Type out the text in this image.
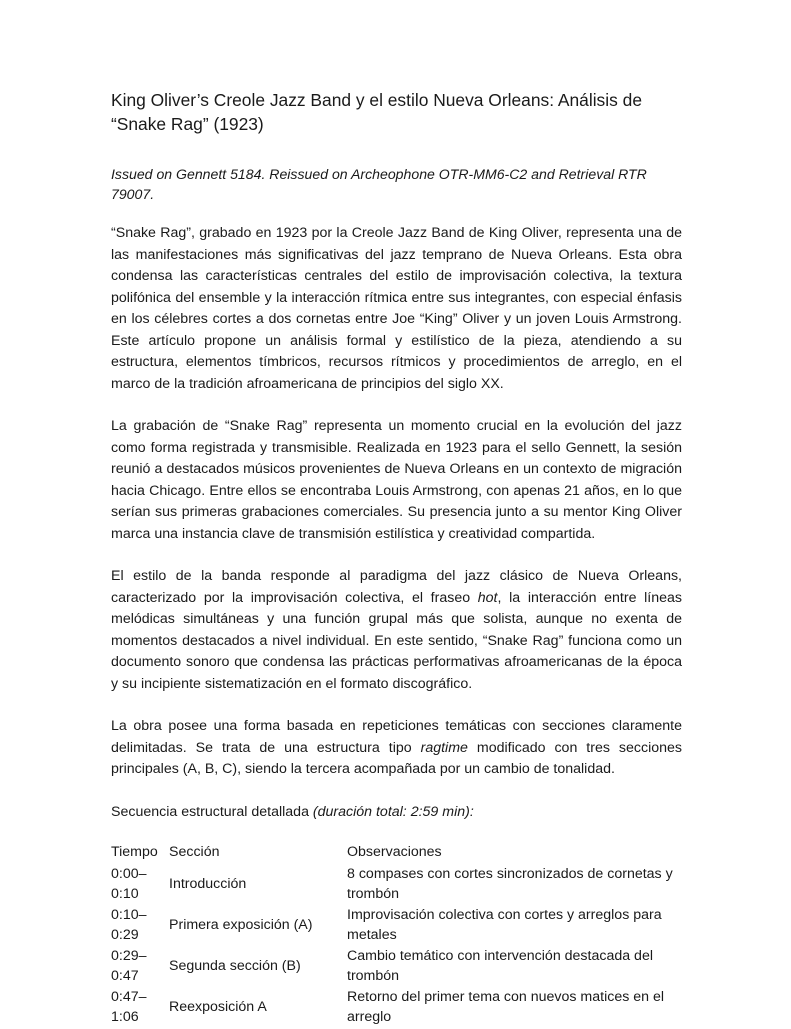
King Oliver’s Creole Jazz Band y el estilo Nueva Orleans: Análisis de “Snake Rag” (1923)

Issued on Gennett 5184. Reissued on Archeophone OTR-MM6-C2 and Retrieval RTR 79007.

“Snake Rag”, grabado en 1923 por la Creole Jazz Band de King Oliver, representa una de las manifestaciones más significativas del jazz temprano de Nueva Orleans. Esta obra condensa las características centrales del estilo de improvisación colectiva, la textura polifónica del ensemble y la interacción rítmica entre sus integrantes, con especial énfasis en los célebres cortes a dos cornetas entre Joe “King” Oliver y un joven Louis Armstrong. Este artículo propone un análisis formal y estilístico de la pieza, atendiendo a su estructura, elementos tímbricos, recursos rítmicos y procedimientos de arreglo, en el marco de la tradición afroamericana de principios del siglo XX.

La grabación de “Snake Rag” representa un momento crucial en la evolución del jazz como forma registrada y transmisible. Realizada en 1923 para el sello Gennett, la sesión reunió a destacados músicos provenientes de Nueva Orleans en un contexto de migración hacia Chicago. Entre ellos se encontraba Louis Armstrong, con apenas 21 años, en lo que serían sus primeras grabaciones comerciales. Su presencia junto a su mentor King Oliver marca una instancia clave de transmisión estilística y creatividad compartida.

El estilo de la banda responde al paradigma del jazz clásico de Nueva Orleans, caracterizado por la improvisación colectiva, el fraseo hot, la interacción entre líneas melódicas simultáneas y una función grupal más que solista, aunque no exenta de momentos destacados a nivel individual. En este sentido, “Snake Rag” funciona como un documento sonoro que condensa las prácticas performativas afroamericanas de la época y su incipiente sistematización en el formato discográfico.

La obra posee una forma basada en repeticiones temáticas con secciones claramente delimitadas. Se trata de una estructura tipo ragtime modificado con tres secciones principales (A, B, C), siendo la tercera acompañada por un cambio de tonalidad.

Secuencia estructural detallada (duración total: 2:59 min):

Tiempo	Sección	Observaciones
0:00–
0:10	Introducción	8 compases con cortes sincronizados de cornetas y
trombón
0:10–
0:29	Primera exposición (A)	Improvisación colectiva con cortes y arreglos para
metales
0:29–
0:47	Segunda sección (B)	Cambio temático con intervención destacada del
trombón
0:47–
1:06	Reexposición A	Retorno del primer tema con nuevos matices en el
arreglo
